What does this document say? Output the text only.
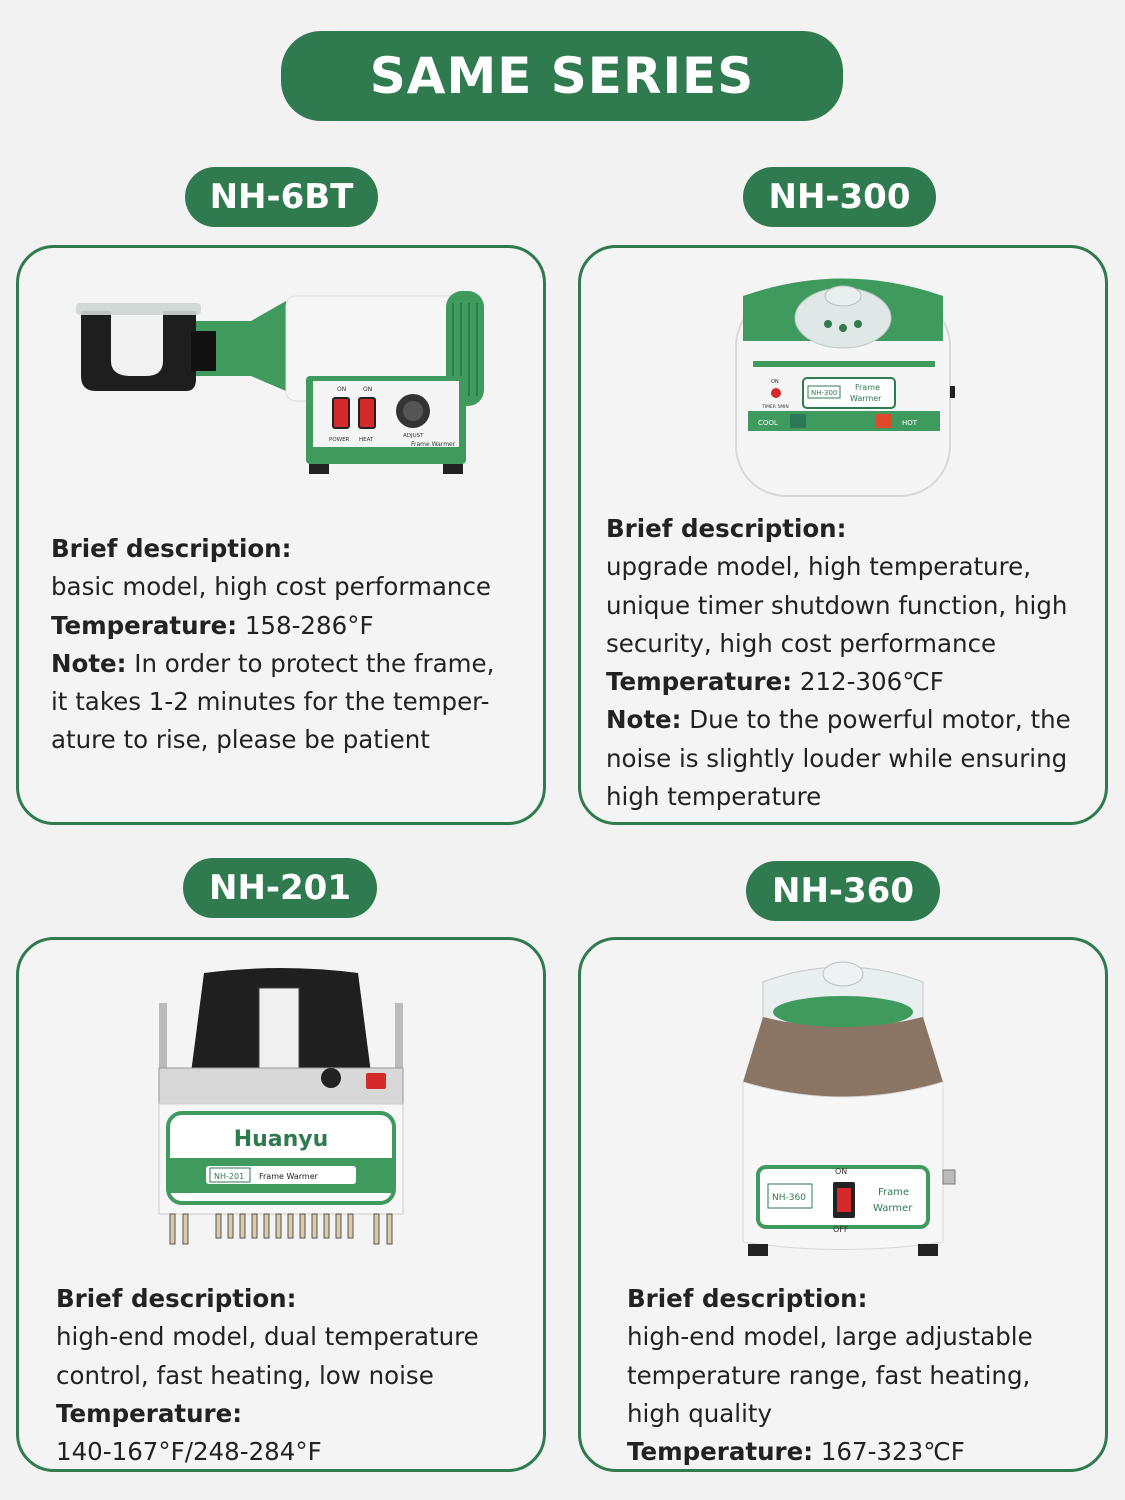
SAME SERIES
NH-6BT
ON	ON
POWER HEAT
ADJUST
Frame Warmer
Brief description:
basic model, high cost performance
Temperature: 158-286°F
Note: In order to protect the frame,
it takes 1-2 minutes for the temper-
ature to rise, please be patient
NH-300
NH-300
Frame
Warmer
ON
TIMER 5MIN
COOL	HOT
Brief description:
upgrade model, high temperature,
unique timer shutdown function, high
security, high cost performance
Temperature: 212-306℃F
Note: Due to the powerful motor, the
noise is slightly louder while ensuring
high temperature
NH-201
Huanyu
NH-201 Frame Warmer
Brief description:
high-end model, dual temperature
control, fast heating, low noise
Temperature:
140-167°F/248-284°F
NH-360
NH-360
ON
OFF
Frame
Warmer
Brief description:
high-end model, large adjustable
temperature range, fast heating,
high quality
Temperature: 167-323℃F
